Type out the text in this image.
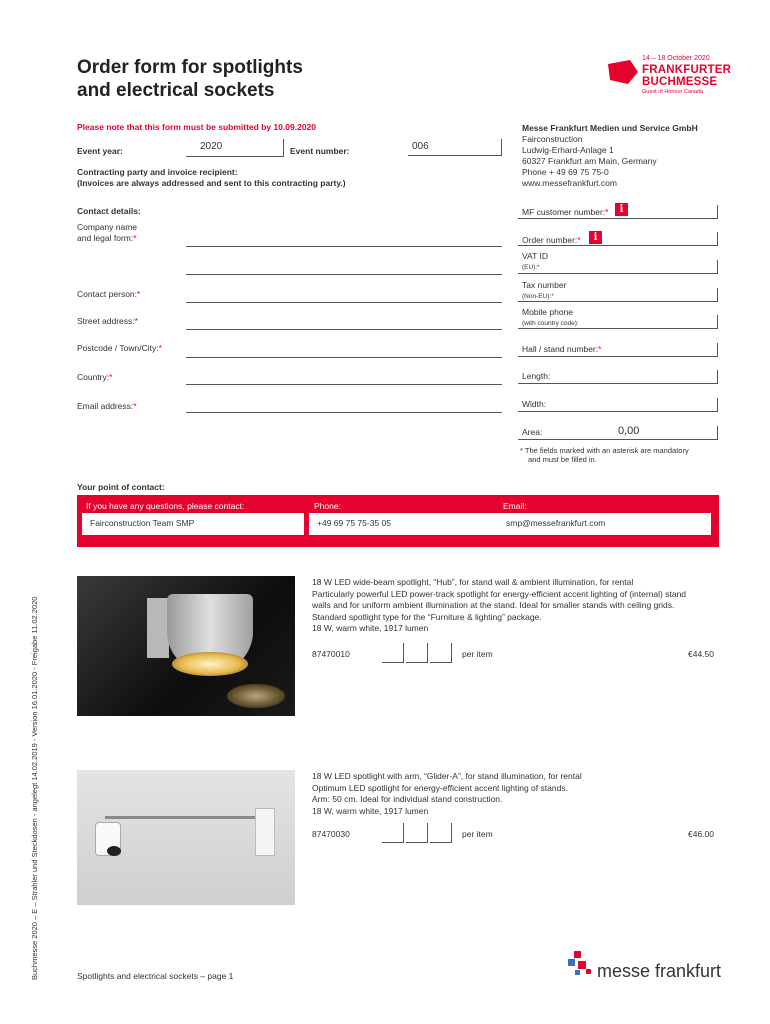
Order form for spotlights
and electrical sockets
14 – 18 October 2020
FRANKFURTER
BUCHMESSE
Guest of Honour Canada
Please note that this form must be submitted by 10.09.2020
Event year:	2020	Event number:	006
Contracting party and invoice recipient:
(Invoices are always addressed and sent to this contracting party.)
Messe Frankfurt Medien und Service GmbH
Fairconstruction
Ludwig-Erhard-Anlage 1
60327 Frankfurt am Main, Germany
Phone + 49 69 75 75-0
www.messefrankfurt.com
Contact details:
Company name
and legal form:*
Contact person:*
Street address:*
Postcode / Town/City:*
Country:*
Email address:*
MF customer number:*	i
Order number:*	i
VAT ID
(EU):*
Tax number
(Non-EU):*
Mobile phone
(with country code):
Hall / stand number:*
Length:
Width:
Area:	0,00
* The fields marked with an asterisk are mandatory
and must be filled in.
Your point of contact:
If you have any questions, please contact:	Phone:	Email:
Fairconstruction Team SMP	+49 69 75 75-35 05	smp@messefrankfurt.com
18 W LED wide-beam spotlight, “Hub”, for stand wall & ambient illumination, for rental
Particularly powerful LED power-track spotlight for energy-efficient accent lighting of (internal) stand
walls and for uniform ambient illumination at the stand. Ideal for smaller stands with ceiling grids.
Standard spotlight type for the “Furniture & lighting” package.
18 W, warm white, 1917 lumen
87470010	per item	€44.50
18 W LED spotlight with arm, “Glider-A”, for stand illumination, for rental
Optimum LED spotlight for energy-efficient accent lighting of stands.
Arm: 50 cm. Ideal for individual stand construction.
18 W, warm white, 1917 lumen
87470030	per item	€46.00
Buchmesse 2020 – E – Strahler und Steckdosen - angelegt 14.02.2019 - Version 16.01.2020 - Freigabe 11.02.2020	Spotlights and electrical sockets – page 1	messe frankfurt
